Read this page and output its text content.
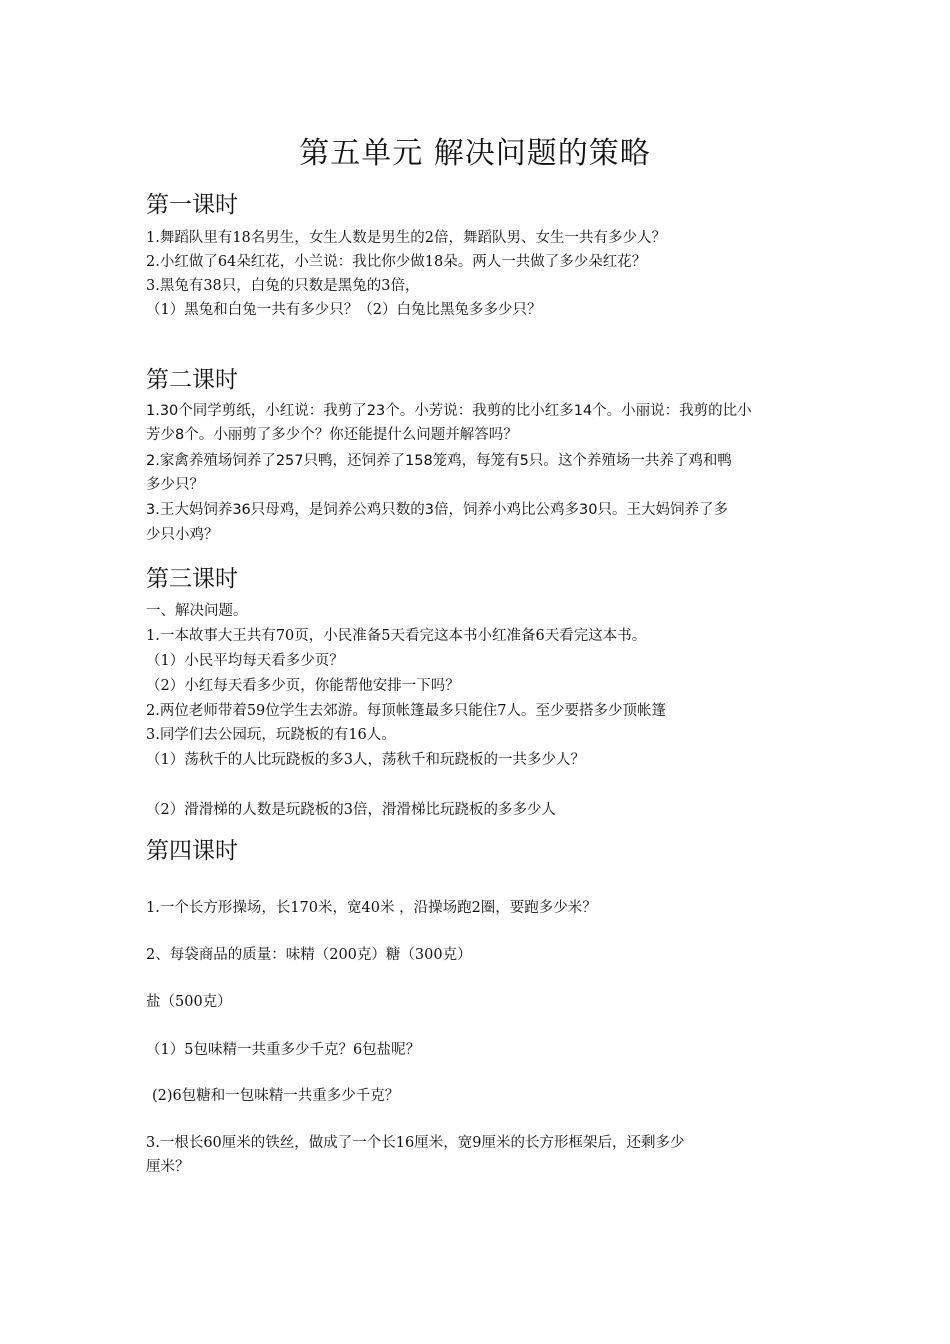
第五单元 解决问题的策略
第一课时
1.舞蹈队里有18名男生，女生人数是男生的2倍，舞蹈队男、女生一共有多少人？
2.小红做了64朵红花，小兰说：我比你少做18朵。两人一共做了多少朵红花？
3.黑兔有38只，白兔的只数是黑兔的3倍，
（1）黑兔和白兔一共有多少只？（2）白兔比黑兔多多少只？
第二课时
1.30个同学剪纸，小红说：我剪了23个。小芳说：我剪的比小红多14个。小丽说：我剪的比小
芳少8个。小丽剪了多少个？你还能提什么问题并解答吗？
2.家禽养殖场饲养了257只鸭，还饲养了158笼鸡，每笼有5只。这个养殖场一共养了鸡和鸭
多少只？
3.王大妈饲养36只母鸡，是饲养公鸡只数的3倍，饲养小鸡比公鸡多30只。王大妈饲养了多
少只小鸡？
第三课时
一、解决问题。
1.一本故事大王共有70页，小民准备5天看完这本书小红准备6天看完这本书。
（1）小民平均每天看多少页？
（2）小红每天看多少页，你能帮他安排一下吗？
2.两位老师带着59位学生去郊游。每顶帐篷最多只能住7人。至少要搭多少顶帐篷
3.同学们去公园玩，玩跷板的有16人。
（1）荡秋千的人比玩跷板的多3人，荡秋千和玩跷板的一共多少人？
（2）滑滑梯的人数是玩跷板的3倍，滑滑梯比玩跷板的多多少人
第四课时
1.一个长方形操场，长170米，宽40米 ，沿操场跑2圈，要跑多少米？
2、每袋商品的质量：味精（200克）糖（300克）
盐（500克）
（1）5包味精一共重多少千克？6包盐呢？
(2)6包糖和一包味精一共重多少千克？
3.一根长60厘米的铁丝，做成了一个长16厘米，宽9厘米的长方形框架后，还剩多少
厘米？
